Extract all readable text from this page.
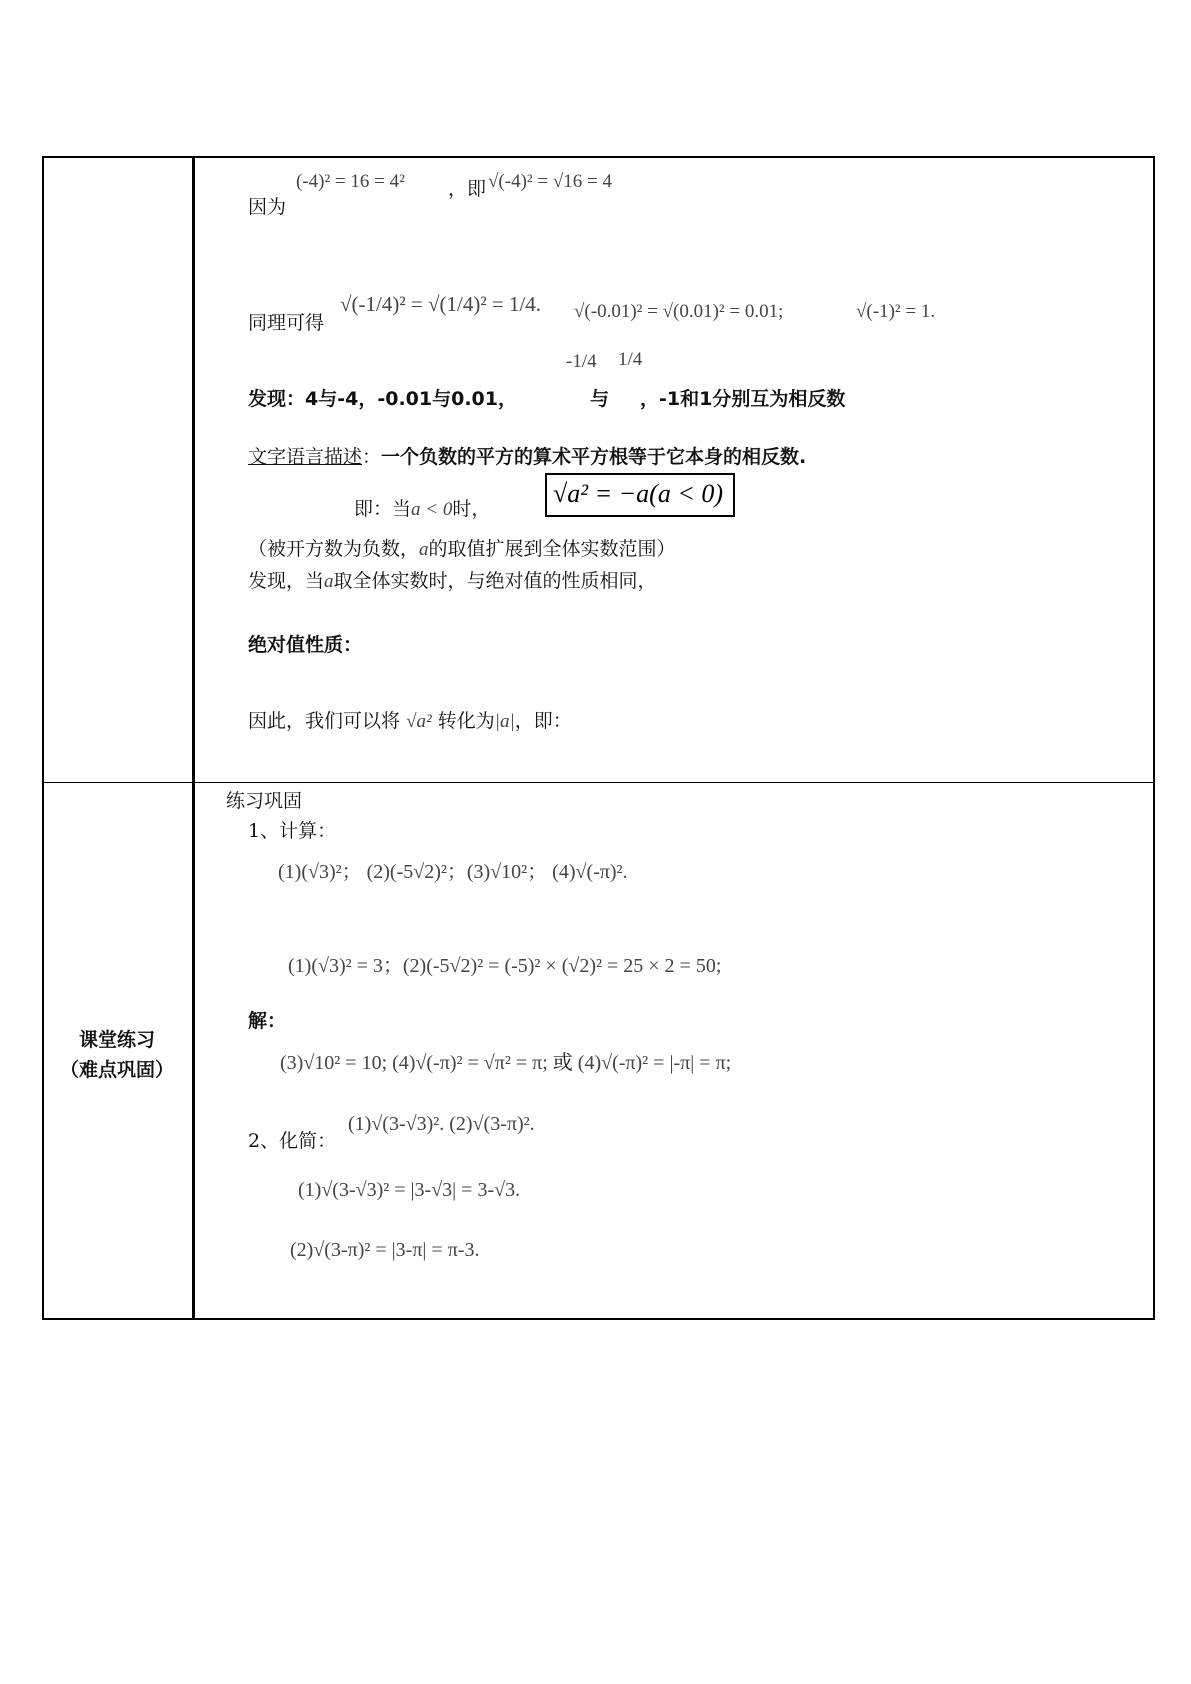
因为
(-4)² = 16 = 4² ，即 √(-4)² = √16 = 4
同理可得
√(-1/4)² = √(1/4)² = 1/4. √(-0.01)² = √(0.01)² = 0.01;	√(-1)² = 1.
发现：4与-4，-0.01与0.01，
-1/4
与
1/4
，-1和1分别互为相反数
文字语言描述：一个负数的平方的算术平方根等于它本身的相反数.
即：当a < 0时，
√a² = −a(a < 0)
（被开方数为负数，a的取值扩展到全体实数范围）
发现，当a取全体实数时，与绝对值的性质相同，
绝对值性质：
因此，我们可以将 √a² 转化为|a|，即：
课堂练习
（难点巩固）
练习巩固
1、计算：
(1)(√3)²； (2)(-5√2)²；(3)√10²； (4)√(-π)².
(1)(√3)² = 3；(2)(-5√2)² = (-5)² × (√2)² = 25 × 2 = 50;
解：
(3)√10² = 10; (4)√(-π)² = √π² = π; 或 (4)√(-π)² = |-π| = π;
2、化简：
(1)√(3-√3)². (2)√(3-π)².
(1)√(3-√3)² = |3-√3| = 3-√3.
(2)√(3-π)² = |3-π| = π-3.
